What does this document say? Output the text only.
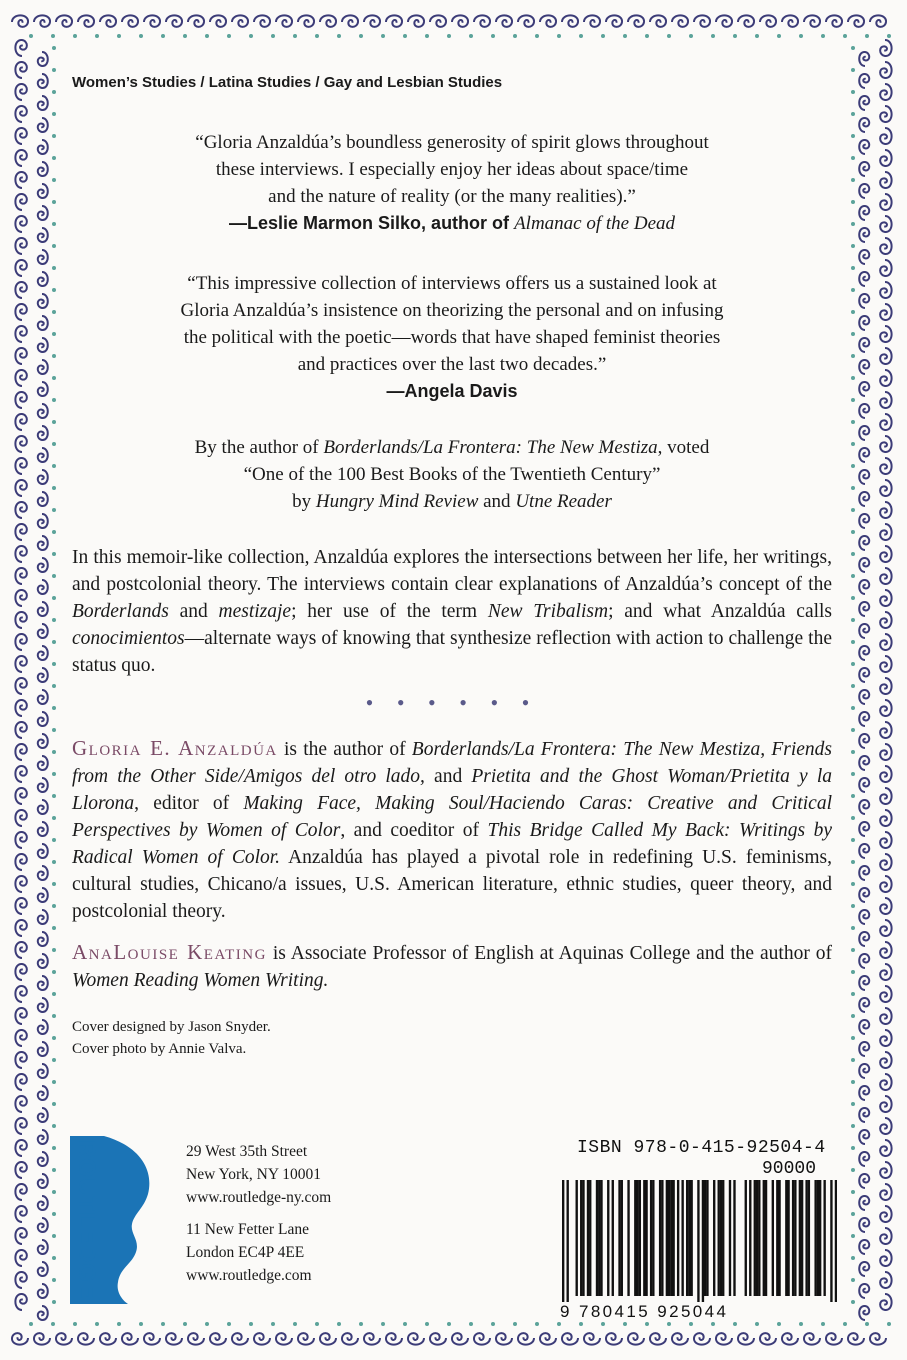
Women’s Studies / Latina Studies / Gay and Lesbian Studies

“Gloria Anzaldúa’s boundless generosity of spirit glows throughout

these interviews. I especially enjoy her ideas about space/time

and the nature of reality (or the many realities).”

—Leslie Marmon Silko, author of Almanac of the Dead

“This impressive collection of interviews offers us a sustained look at

Gloria Anzaldúa’s insistence on theorizing the personal and on infusing

the political with the poetic—words that have shaped feminist theories

and practices over the last two decades.”

—Angela Davis

By the author of Borderlands/La Frontera: The New Mestiza, voted

“One of the 100 Best Books of the Twentieth Century”

by Hungry Mind Review and Utne Reader

In this memoir-like collection, Anzaldúa explores the intersections between her life, her writings, and postcolonial theory. The interviews contain clear explanations of Anzaldúa’s concept of the Borderlands and mestizaje; her use of the term New Tribalism; and what Anzaldúa calls conocimientos—alternate ways of knowing that synthesize reflection with action to challenge the status quo.

• • • • • •

Gloria E. Anzaldúa is the author of Borderlands/La Frontera: The New Mestiza, Friends from the Other Side/Amigos del otro lado, and Prietita and the Ghost Woman/Prietita y la Llorona, editor of Making Face, Making Soul/Haciendo Caras: Creative and Critical Perspectives by Women of Color, and coeditor of This Bridge Called My Back: Writings by Radical Women of Color. Anzaldúa has played a pivotal role in redefining U.S. feminisms, cultural studies, Chicano/a issues, U.S. American literature, ethnic studies, queer theory, and postcolonial theory.

AnaLouise Keating is Associate Professor of English at Aquinas College and the author of Women Reading Women Writing.

Cover designed by Jason Snyder.

Cover photo by Annie Valva.

ROUTLEDGE	29 West 35th Street
New York, NY 10001
www.routledge-ny.com
11 New Fetter Lane
London EC4P 4EE
www.routledge.com
ISBN 978-0-415-92504-4
90000
9 780415 925044
